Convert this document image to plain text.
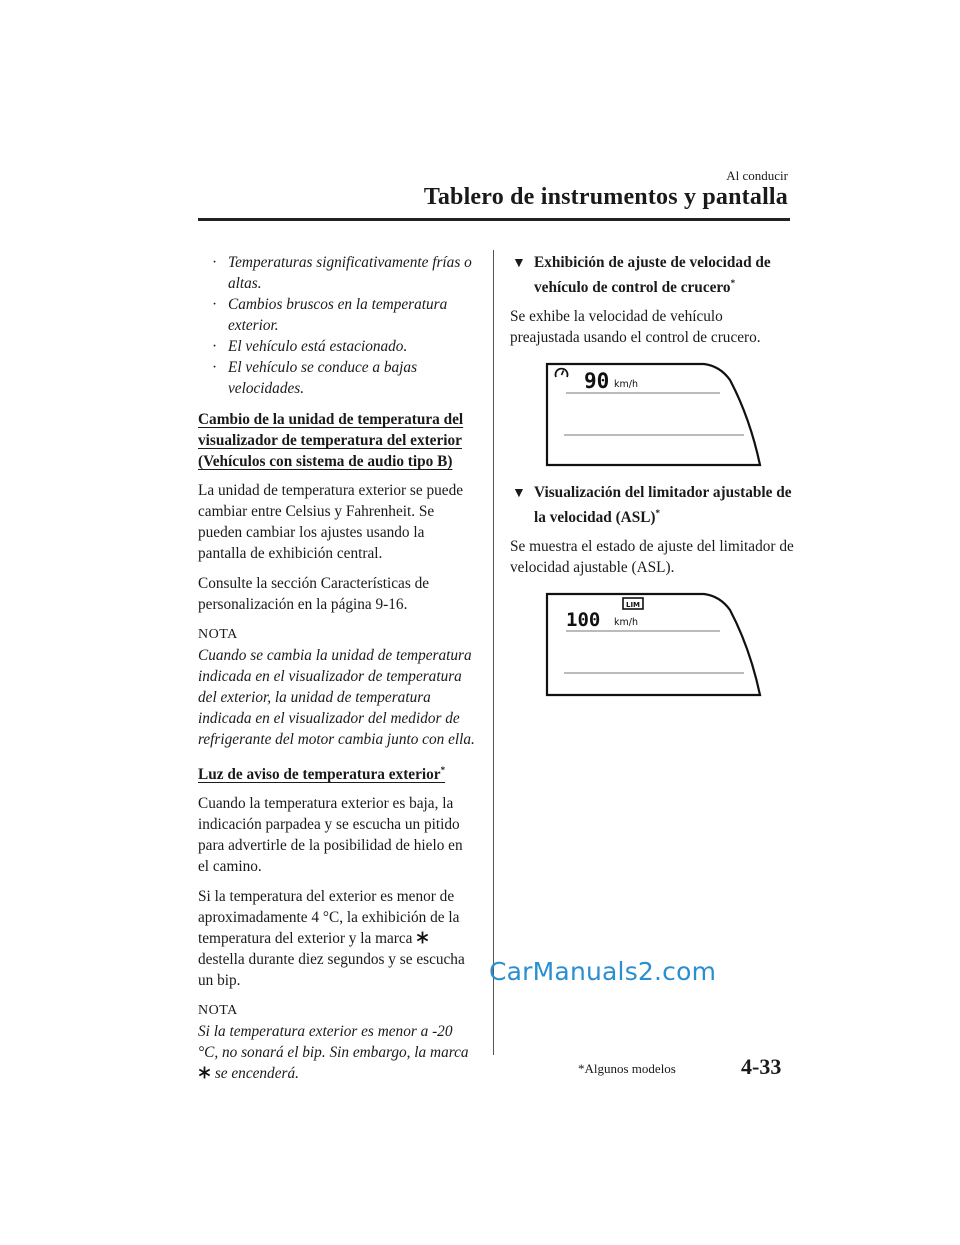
Al conducir
Tablero de instrumentos y pantalla
· Temperaturas significativamente frías o altas.
· Cambios bruscos en la temperatura exterior.
· El vehículo está estacionado.
· El vehículo se conduce a bajas velocidades.
Cambio de la unidad de temperatura del visualizador de temperatura del exterior (Vehículos con sistema de audio tipo B)

La unidad de temperatura exterior se puede cambiar entre Celsius y Fahrenheit. Se pueden cambiar los ajustes usando la pantalla de exhibición central.

Consulte la sección Características de personalización en la página 9-16.

NOTA
Cuando se cambia la unidad de temperatura indicada en el visualizador de temperatura del exterior, la unidad de temperatura indicada en el visualizador del medidor de refrigerante del motor cambia junto con ella.
Luz de aviso de temperatura exterior*

Cuando la temperatura exterior es baja, la indicación parpadea y se escucha un pitido para advertirle de la posibilidad de hielo en el camino.

Si la temperatura del exterior es menor de aproximadamente 4 °C, la exhibición de la temperatura del exterior y la marca  destella durante diez segundos y se escucha un bip.

NOTA
Si la temperatura exterior es menor a -20 °C, no sonará el bip. Sin embargo, la marca  se encenderá.
▼ Exhibición de ajuste de velocidad de vehículo de control de crucero*

Se exhibe la velocidad de vehículo preajustada usando el control de crucero.

90 km/h
▼ Visualización del limitador ajustable de la velocidad (ASL)*

Se muestra el estado de ajuste del limitador de velocidad ajustable (ASL).

LIM
100 km/h
CarManuals2.com
*Algunos modelos	4-33
